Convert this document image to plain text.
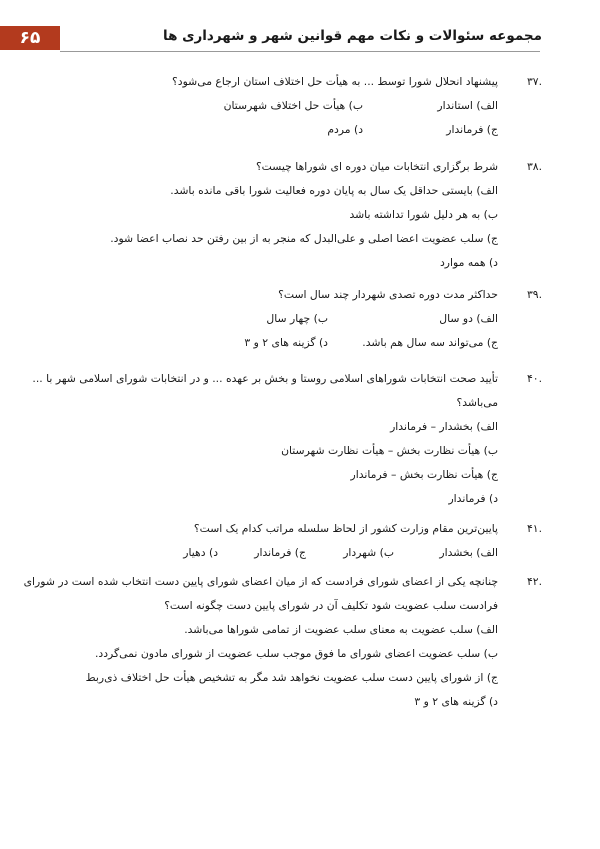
۶۵	مجموعه سئوالات و نکات مهم قوانین شهر و شهرداری ها
۳۷.
پیشنهاد انحلال شورا توسط ... به هیأت حل اختلاف استان ارجاع می‌شود؟
الف) استاندار
ب) هیأت حل اختلاف شهرستان
ج) فرماندار
د) مردم
۳۸.
شرط برگزاری انتخابات میان دوره ای شوراها چیست؟
الف) بایستی حداقل یک سال به پایان دوره فعالیت شورا باقی مانده باشد.
ب) به هر دلیل شورا تداشته باشد
ج) سلب عضویت اعضا اصلی و علی‌البدل که منجر به از بین رفتن حد نصاب اعضا شود.
د) همه موارد
۳۹.
حداکثر مدت دوره تصدی شهردار چند سال است؟
الف) دو سال
ب) چهار سال
ج) می‌تواند سه سال هم باشد.
د) گزینه های ۲ و ۳
۴۰.
تأیید صحت انتخابات شوراهای اسلامی روستا و بخش بر عهده ... و در انتخابات شورای اسلامی شهر با ...
می‌باشد؟
الف) بخشدار – فرماندار
ب) هیأت نظارت بخش – هیأت نظارت شهرستان
ج) هیأت نظارت بخش – فرماندار
د) فرماندار
۴۱.
پایین‌ترین مقام وزارت کشور از لحاظ سلسله مراتب کدام یک است؟
الف) بخشدار
ب) شهردار
ج) فرماندار
د) دهیار
۴۲.
چنانچه یکی از اعضای شورای فرادست که از میان اعضای شورای پایین دست انتخاب شده است در شورای
فرادست سلب عضویت شود تکلیف آن در شورای پایین دست چگونه است؟
الف) سلب عضویت به معنای سلب عضویت از تمامی شوراها می‌باشد.
ب) سلب عضویت اعضای شورای ما فوق موجب سلب عضویت از شورای مادون نمی‌گردد.
ج) از شورای پایین دست سلب عضویت نخواهد شد مگر به تشخیص هیأت حل اختلاف ذی‌ربط
د) گزینه های ۲ و ۳
